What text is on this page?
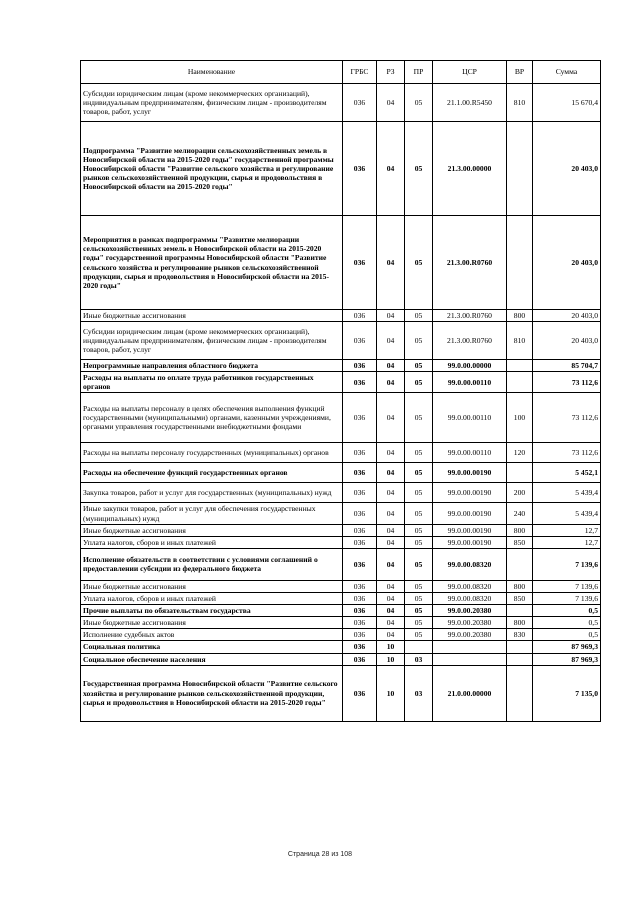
Наименование	ГРБС	РЗ	ПР	ЦСР	ВР	Сумма
Субсидии юридическим лицам (кроме некоммерческих организаций), индивидуальным предпринимателям, физическим лицам - производителям товаров, работ, услуг	036	04	05	21.1.00.R5450	810	15 670,4
Подпрограмма "Развитие мелиорации сельскохозяйственных земель в Новосибирской области на 2015-2020 годы" государственной программы Новосибирской области "Развитие сельского хозяйства и регулирование рынков сельскохозяйственной продукции, сырья и продовольствия в Новосибирской области на 2015-2020 годы"	036	04	05	21.3.00.00000		20 403,0
Мероприятия в рамках подпрограммы "Развитие мелиорации сельскохозяйственных земель в Новосибирской области на 2015-2020 годы" государственной программы Новосибирской области "Развитие сельского хозяйства и регулирование рынков сельскохозяйственной продукции, сырья и продовольствия в Новосибирской области на 2015-2020 годы"	036	04	05	21.3.00.R0760		20 403,0
Иные бюджетные ассигнования	036	04	05	21.3.00.R0760	800	20 403,0
Субсидии юридическим лицам (кроме некоммерческих организаций), индивидуальным предпринимателям, физическим лицам - производителям товаров, работ, услуг	036	04	05	21.3.00.R0760	810	20 403,0
Непрограммные направления областного бюджета	036	04	05	99.0.00.00000		85 704,7
Расходы на выплаты по оплате труда работников государственных органов	036	04	05	99.0.00.00110		73 112,6
Расходы на выплаты персоналу в целях обеспечения выполнения функций государственными (муниципальными) органами, казенными учреждениями, органами управления государственными внебюджетными фондами	036	04	05	99.0.00.00110	100	73 112,6
Расходы на выплаты персоналу государственных (муниципальных) органов	036	04	05	99.0.00.00110	120	73 112,6
Расходы на обеспечение функций государственных органов	036	04	05	99.0.00.00190		5 452,1
Закупка товаров, работ и услуг для государственных (муниципальных) нужд	036	04	05	99.0.00.00190	200	5 439,4
Иные закупки товаров, работ и услуг для обеспечения государственных (муниципальных) нужд	036	04	05	99.0.00.00190	240	5 439,4
Иные бюджетные ассигнования	036	04	05	99.0.00.00190	800	12,7
Уплата налогов, сборов и иных платежей	036	04	05	99.0.00.00190	850	12,7
Исполнение обязательств в соответствии с условиями соглашений о предоставлении субсидии из федерального бюджета	036	04	05	99.0.00.08320		7 139,6
Иные бюджетные ассигнования	036	04	05	99.0.00.08320	800	7 139,6
Уплата налогов, сборов и иных платежей	036	04	05	99.0.00.08320	850	7 139,6
Прочие выплаты по обязательствам государства	036	04	05	99.0.00.20380		0,5
Иные бюджетные ассигнования	036	04	05	99.0.00.20380	800	0,5
Исполнение судебных актов	036	04	05	99.0.00.20380	830	0,5
Социальная политика	036	10				87 969,3
Социальное обеспечение населения	036	10	03			87 969,3
Государственная программа Новосибирской области "Развитие сельского хозяйства и регулирование рынков сельскохозяйственной продукции, сырья и продовольствия в Новосибирской области на 2015-2020 годы"	036	10	03	21.0.00.00000		7 135,0
Страница 28 из 108
